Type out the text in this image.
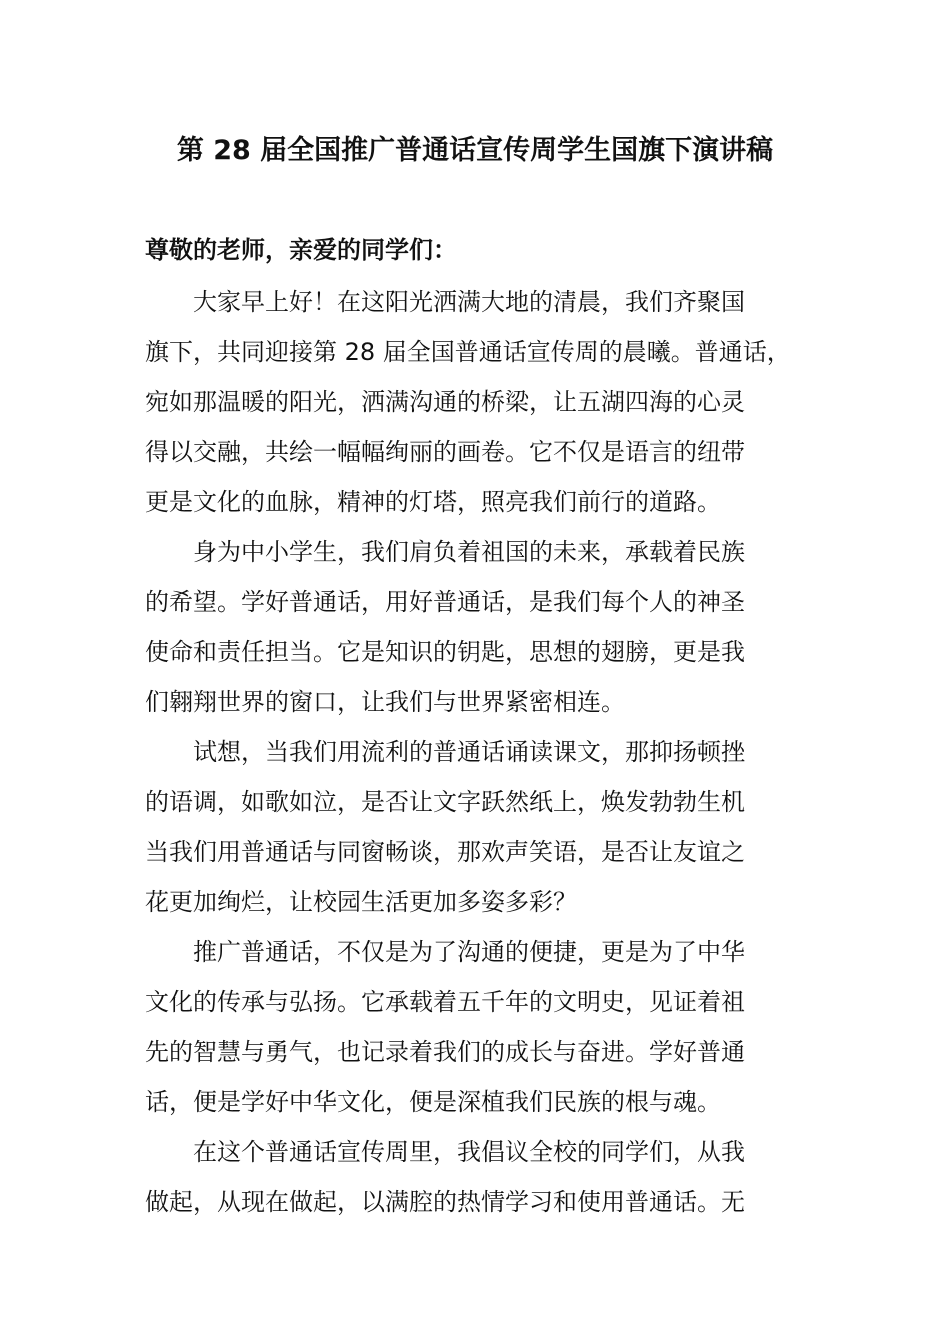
第 28 届全国推广普通话宣传周学生国旗下演讲稿
尊敬的老师，亲爱的同学们：
大家早上好！在这阳光洒满大地的清晨，我们齐聚国
旗下，共同迎接第 28 届全国普通话宣传周的晨曦。普通话，
宛如那温暖的阳光，洒满沟通的桥梁，让五湖四海的心灵
得以交融，共绘一幅幅绚丽的画卷。它不仅是语言的纽带
更是文化的血脉，精神的灯塔，照亮我们前行的道路。
身为中小学生，我们肩负着祖国的未来，承载着民族
的希望。学好普通话，用好普通话，是我们每个人的神圣
使命和责任担当。它是知识的钥匙，思想的翅膀，更是我
们翱翔世界的窗口，让我们与世界紧密相连。
试想，当我们用流利的普通话诵读课文，那抑扬顿挫
的语调，如歌如泣，是否让文字跃然纸上，焕发勃勃生机
当我们用普通话与同窗畅谈，那欢声笑语，是否让友谊之
花更加绚烂，让校园生活更加多姿多彩？
推广普通话，不仅是为了沟通的便捷，更是为了中华
文化的传承与弘扬。它承载着五千年的文明史，见证着祖
先的智慧与勇气，也记录着我们的成长与奋进。学好普通
话，便是学好中华文化，便是深植我们民族的根与魂。
在这个普通话宣传周里，我倡议全校的同学们，从我
做起，从现在做起，以满腔的热情学习和使用普通话。无
